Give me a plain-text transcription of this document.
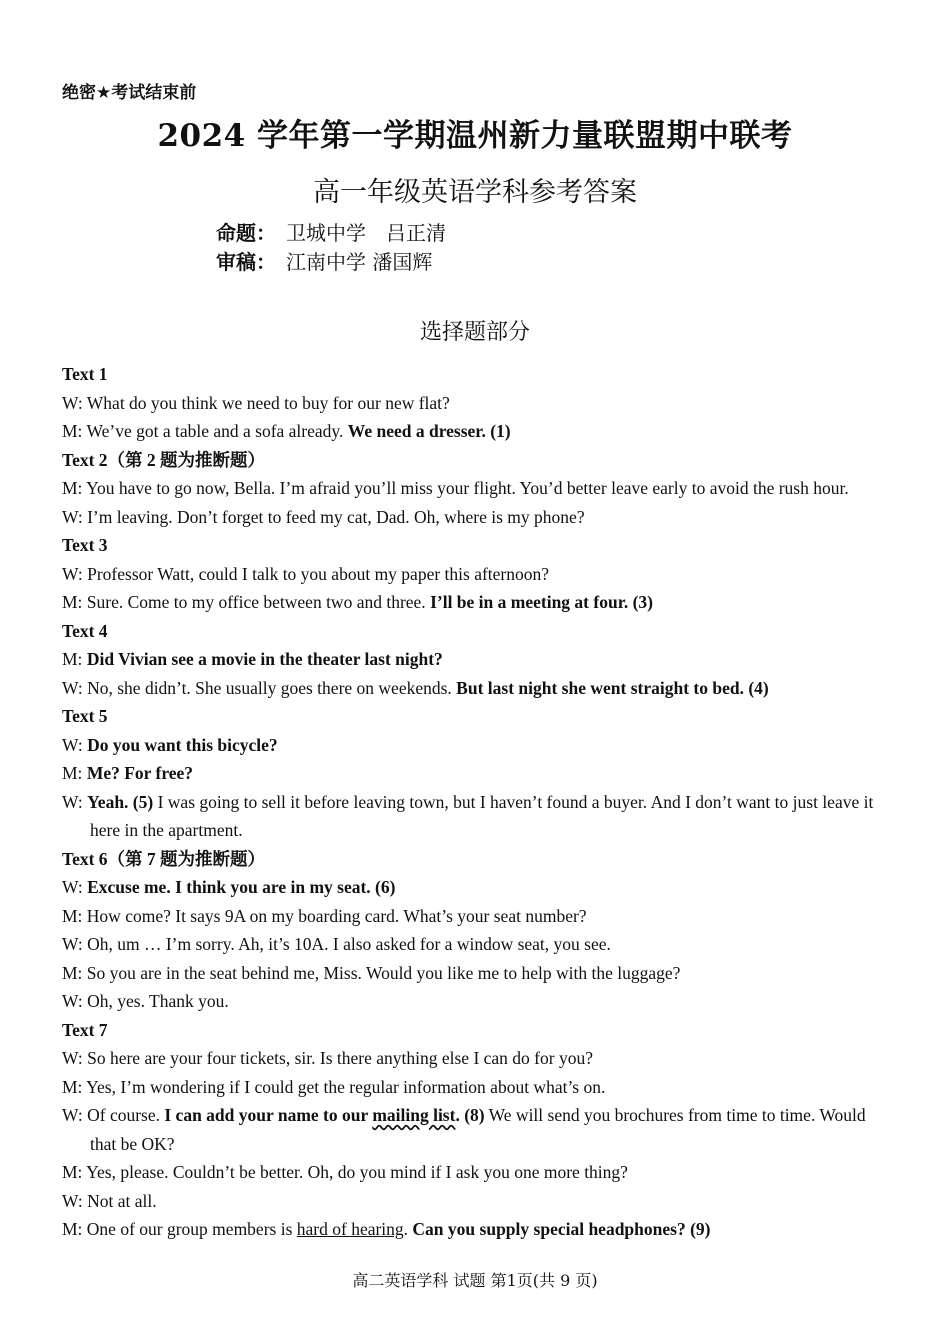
绝密★考试结束前
2024 学年第一学期温州新力量联盟期中联考
高一年级英语学科参考答案
命题： 卫城中学　吕正清
审稿： 江南中学 潘国辉
选择题部分
Text 1
W: What do you think we need to buy for our new flat?
M: We’ve got a table and a sofa already. We need a dresser. (1)
Text 2（第 2 题为推断题）
M: You have to go now, Bella. I’m afraid you’ll miss your flight. You’d better leave early to avoid the rush hour.
W: I’m leaving. Don’t forget to feed my cat, Dad. Oh, where is my phone?
Text 3
W: Professor Watt, could I talk to you about my paper this afternoon?
M: Sure. Come to my office between two and three. I’ll be in a meeting at four. (3)
Text 4
M: Did Vivian see a movie in the theater last night?
W: No, she didn’t. She usually goes there on weekends. But last night she went straight to bed. (4)
Text 5
W: Do you want this bicycle?
M: Me? For free?
W: Yeah. (5) I was going to sell it before leaving town, but I haven’t found a buyer. And I don’t want to just leave it here in the apartment.
Text 6（第 7 题为推断题）
W: Excuse me. I think you are in my seat. (6)
M: How come? It says 9A on my boarding card. What’s your seat number?
W: Oh, um … I’m sorry. Ah, it’s 10A. I also asked for a window seat, you see.
M: So you are in the seat behind me, Miss. Would you like me to help with the luggage?
W: Oh, yes. Thank you.
Text 7
W: So here are your four tickets, sir. Is there anything else I can do for you?
M: Yes, I’m wondering if I could get the regular information about what’s on.
W: Of course. I can add your name to our mailing list. (8) We will send you brochures from time to time. Would that be OK?
M: Yes, please. Couldn’t be better. Oh, do you mind if I ask you one more thing?
W: Not at all.
M: One of our group members is hard of hearing. Can you supply special headphones? (9)
高二英语学科 试题 第1页(共 9 页)
